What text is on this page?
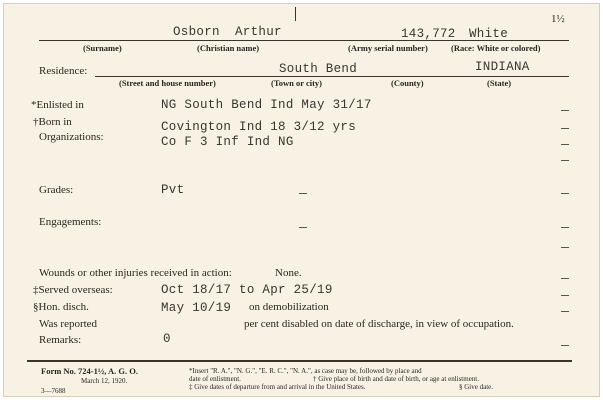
1½
Osborn Arthur	143,772 White
(Surname)	(Christian name)	(Army serial number)	(Race: White or colored)
Residence:	South Bend	INDIANA
(Street and house number)	(Town or city)	(County)	(State)
*Enlisted in	NG South Bend Ind May 31/17
†Born in	Covington Ind 18 3/12 yrs
Organizations:	Co F 3 Inf Ind NG
Grades:	Pvt
Engagements:
Wounds or other injuries received in action:	None.
‡Served overseas:	Oct 18/17 to Apr 25/19
§Hon. disch.	May 10/19 on demobilization
Was reported	per cent disabled on date of discharge, in view of occupation.
Remarks:	0
Form No. 724-1½, A. G. O.
March 12, 1920.
3—7688
*Insert "R. A.", "N. G.", "E. R. C.", "N. A.", as case may be, followed by place and
date of enlistment.	† Give place of birth and date of birth, or age at enlistment.
‡ Give dates of departure from and arrival in the United States.	§ Give date.
